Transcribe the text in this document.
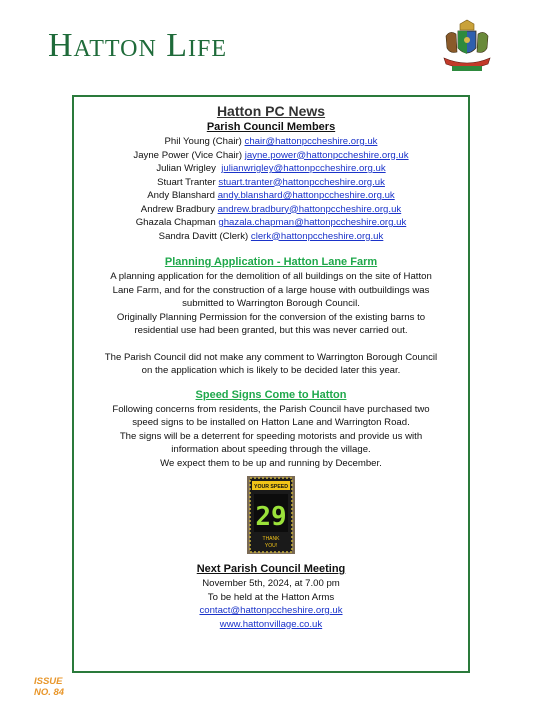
Hatton Life
Hatton PC News
Parish Council Members
Phil Young (Chair) chair@hattonpccheshire.org.uk
Jayne Power (Vice Chair) jayne.power@hattonpccheshire.org.uk
Julian Wrigley julianwrigley@hattonpccheshire.org.uk
Stuart Tranter stuart.tranter@hattonpccheshire.org.uk
Andy Blanshard andy.blanshard@hattonpccheshire.org.uk
Andrew Bradbury andrew.bradbury@hattonpccheshire.org.uk
Ghazala Chapman ghazala.chapman@hattonpccheshire.org.uk
Sandra Davitt (Clerk) clerk@hattonpccheshire.org.uk
Planning Application - Hatton Lane Farm
A planning application for the demolition of all buildings on the site of Hatton
Lane Farm, and for the construction of a large house with outbuildings was
submitted to Warrington Borough Council.
Originally Planning Permission for the conversion of the existing barns to
residential use had been granted, but this was never carried out.
The Parish Council did not make any comment to Warrington Borough Council
on the application which is likely to be decided later this year.
Speed Signs Come to Hatton
Following concerns from residents, the Parish Council have purchased two
speed signs to be installed on Hatton Lane and Warrington Road.
The signs will be a deterrent for speeding motorists and provide us with
information about speeding through the village.
We expect them to be up and running by December.
YOUR SPEED
29
THANK
YOU!
Next Parish Council Meeting
November 5th, 2024, at 7.00 pm
To be held at the Hatton Arms
contact@hattonpccheshire.org.uk
www.hattonvillage.co.uk
ISSUE
NO. 84
